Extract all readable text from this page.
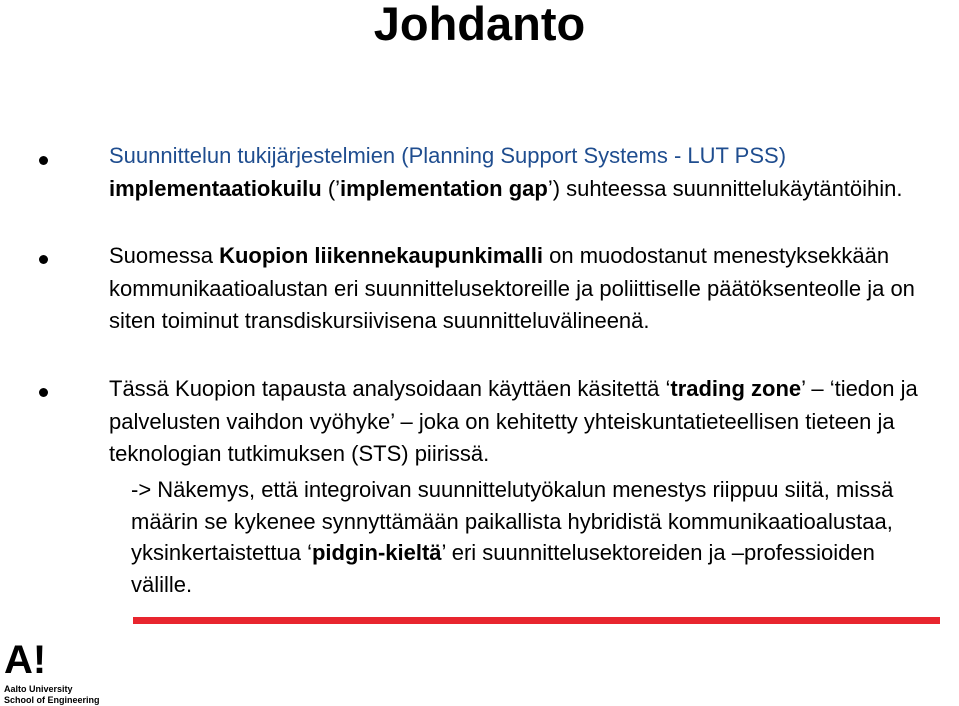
Johdanto
Suunnittelun tukijärjestelmien (Planning Support Systems - LUT PSS) implementaatiokuilu (’implementation gap’) suhteessa suunnittelukäytäntöihin.
Suomessa Kuopion liikennekaupunkimalli on muodostanut menestyksekkään kommunikaatioalustan eri suunnittelusektoreille ja poliittiselle päätöksenteolle ja on siten toiminut transdiskursiivisena suunnitteluvälineenä.
Tässä Kuopion tapausta analysoidaan käyttäen käsitettä ‘trading zone’ – ‘tiedon ja palvelusten vaihdon vyöhyke’ – joka on kehitetty yhteiskuntatieteellisen tieteen ja teknologian tutkimuksen (STS) piirissä.
-> Näkemys, että integroivan suunnittelutyökalun menestys riippuu siitä, missä määrin se kykenee synnyttämään paikallista hybridistä kommunikaatioalustaa, yksinkertaistettua ‘pidgin-kieltä’ eri suunnittelusektoreiden ja –professioiden välille.
A!
Aalto University
School of Engineering
